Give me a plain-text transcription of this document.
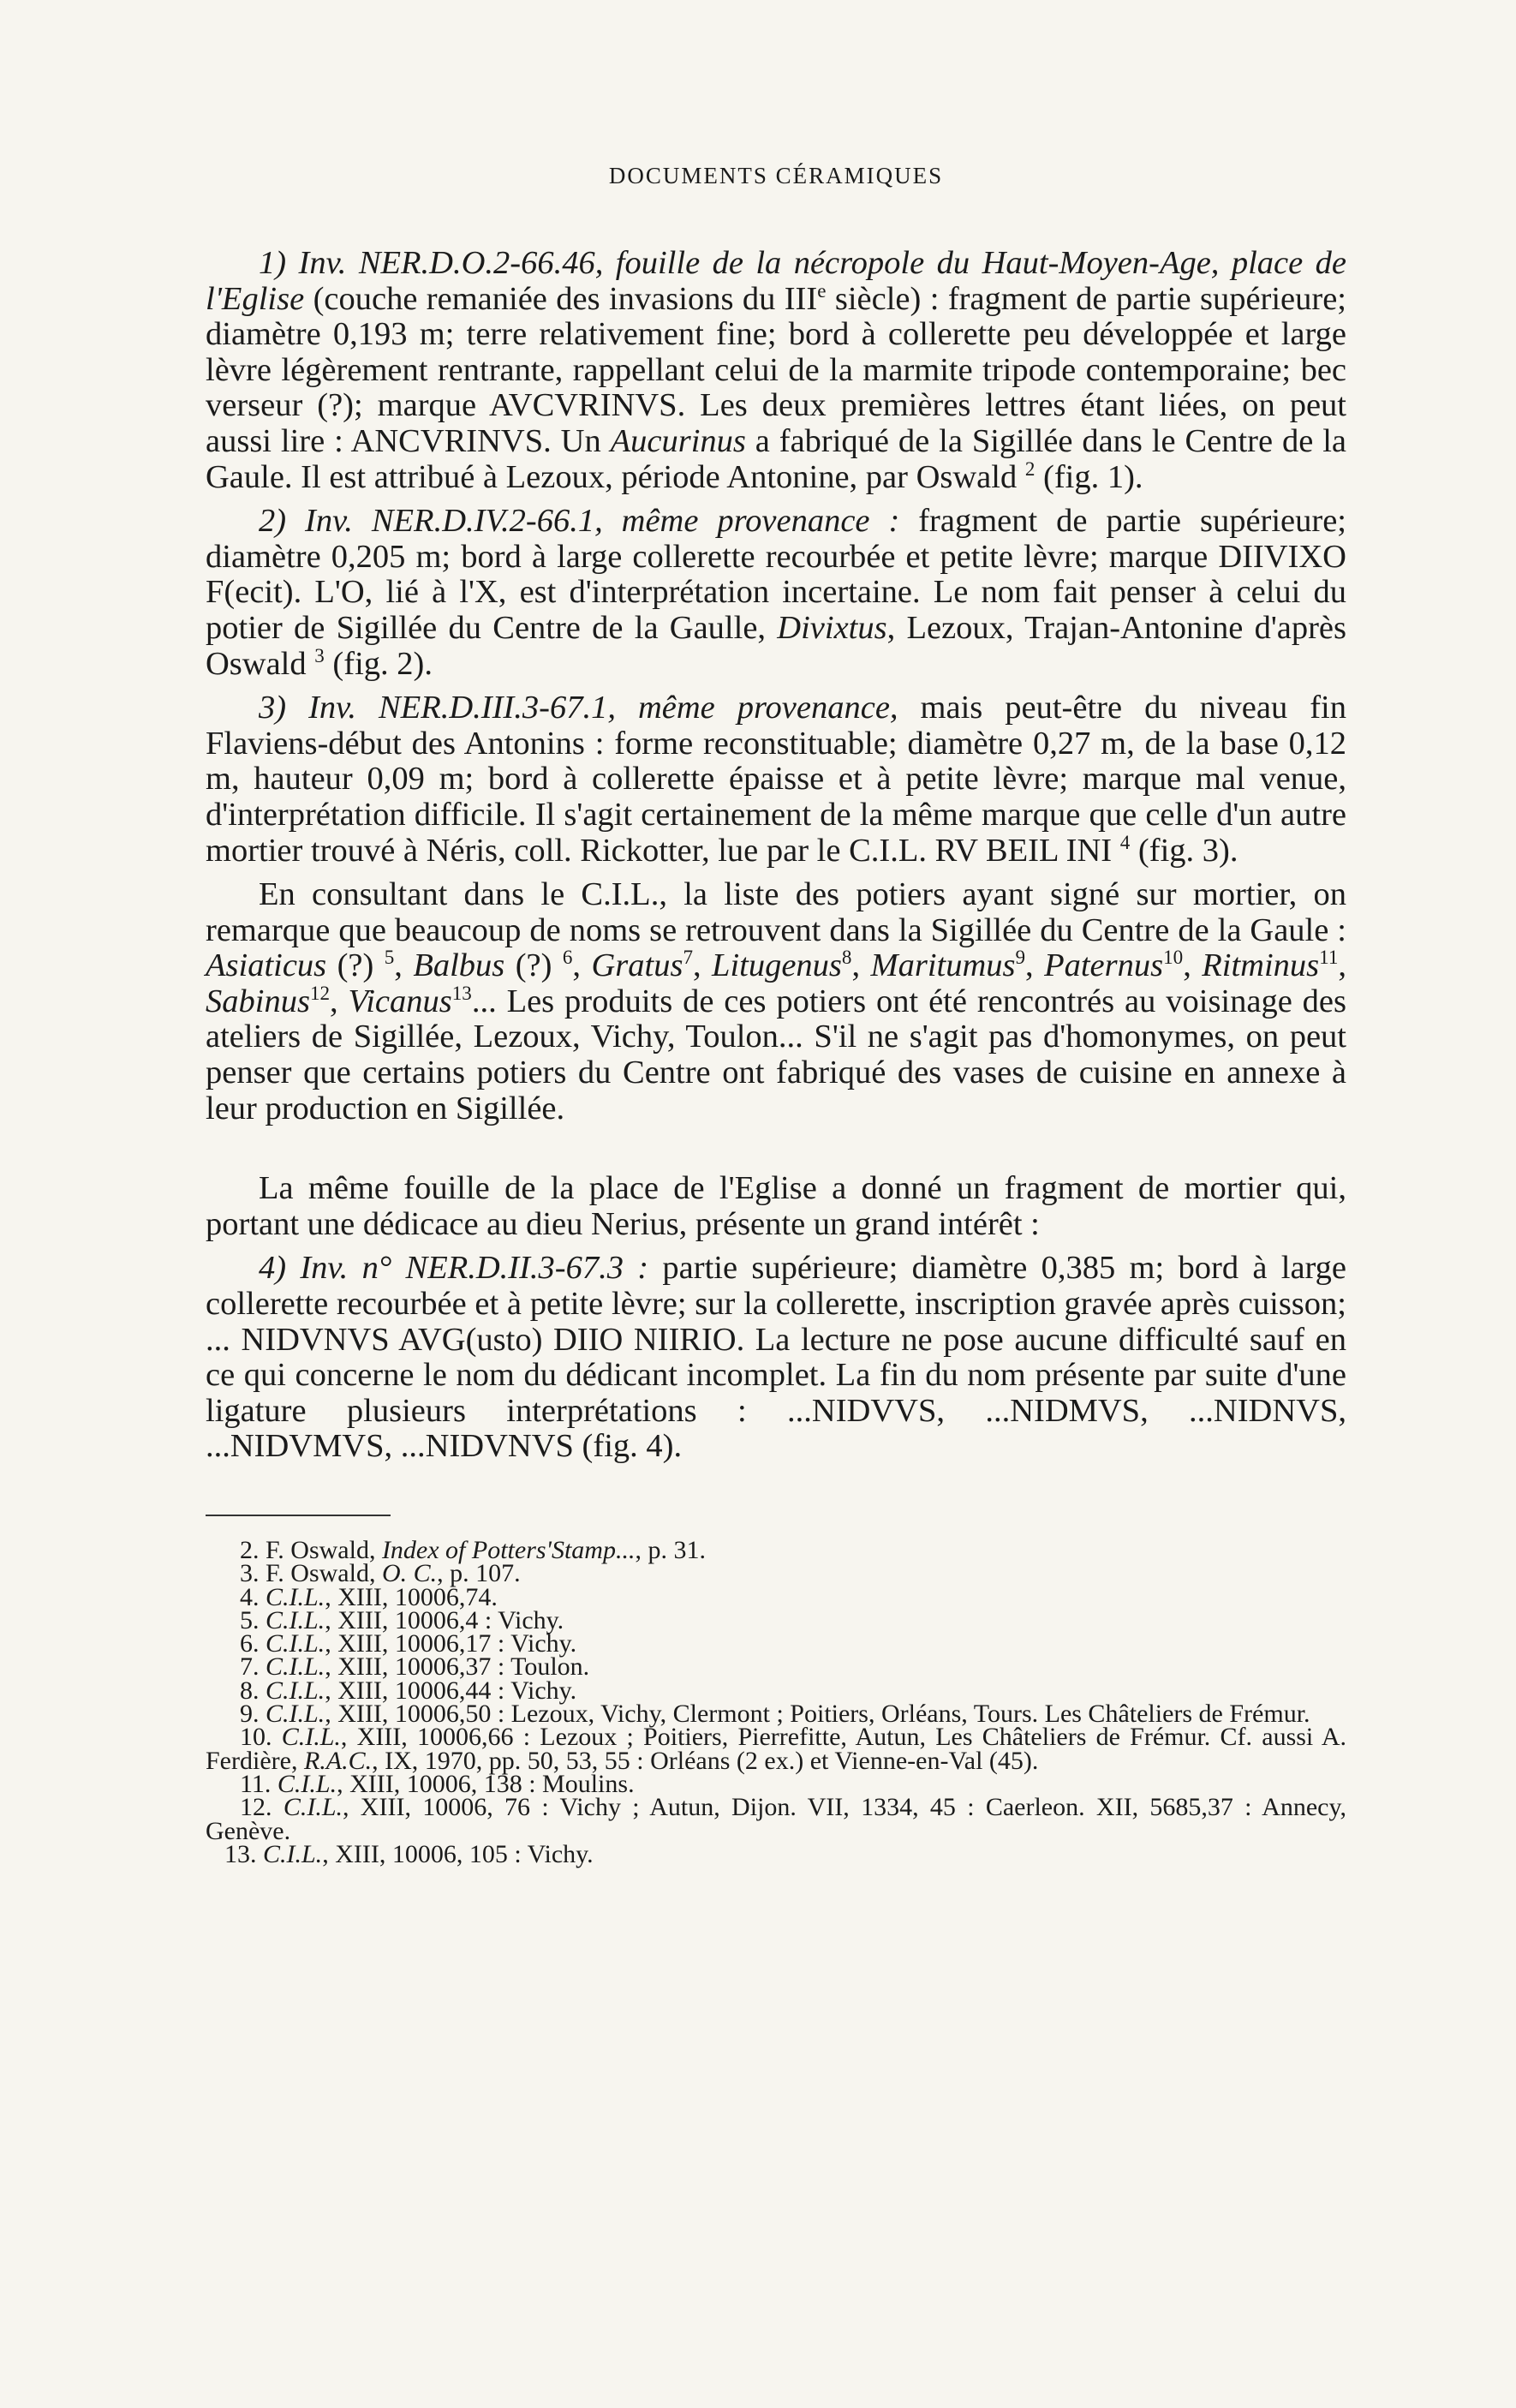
DOCUMENTS CÉRAMIQUES

1) Inv. NER.D.O.2-66.46, fouille de la nécropole du Haut-Moyen-Age, place de l'Eglise (couche remaniée des invasions du IIIe siècle) : fragment de partie supérieure; diamètre 0,193 m; terre relativement fine; bord à collerette peu développée et large lèvre légèrement rentrante, rappellant celui de la marmite tripode contemporaine; bec verseur (?); marque AVCVRINVS. Les deux premières lettres étant liées, on peut aussi lire : ANCVRINVS. Un Aucurinus a fabriqué de la Sigillée dans le Centre de la Gaule. Il est attribué à Lezoux, période Antonine, par Oswald $^2$ (fig. 1).

2) Inv. NER.D.IV.2-66.1, même provenance : fragment de partie supérieure; diamètre 0,205 m; bord à large collerette recourbée et petite lèvre; marque DIIVIXO F(ecit). L'O, lié à l'X, est d'interprétation incertaine. Le nom fait penser à celui du potier de Sigillée du Centre de la Gaulle, Divixtus, Lezoux, Trajan-Antonine d'après Oswald $^3$ (fig. 2).

3) Inv. NER.D.III.3-67.1, même provenance, mais peut-être du niveau fin Flaviens-début des Antonins : forme reconstituable; diamètre 0,27 m, de la base 0,12 m, hauteur 0,09 m; bord à collerette épaisse et à petite lèvre; marque mal venue, d'interprétation difficile. Il s'agit certainement de la même marque que celle d'un autre mortier trouvé à Néris, coll. Rickotter, lue par le C.I.L. RV BEIL INI $^4$ (fig. 3).

En consultant dans le C.I.L., la liste des potiers ayant signé sur mortier, on remarque que beaucoup de noms se retrouvent dans la Sigillée du Centre de la Gaule : Asiaticus (?) $^5$, Balbus (?) $^6$, Gratus$^7$, Litugenus$^8$, Maritumus$^9$, Paternus$^{10}$, Ritminus$^{11}$, Sabinus$^{12}$, Vicanus$^{13}$... Les produits de ces potiers ont été rencontrés au voisinage des ateliers de Sigillée, Lezoux, Vichy, Toulon... S'il ne s'agit pas d'homonymes, on peut penser que certains potiers du Centre ont fabriqué des vases de cuisine en annexe à leur production en Sigillée.

La même fouille de la place de l'Eglise a donné un fragment de mortier qui, portant une dédicace au dieu Nerius, présente un grand intérêt :

4) Inv. n° NER.D.II.3-67.3 : partie supérieure; diamètre 0,385 m; bord à large collerette recourbée et à petite lèvre; sur la collerette, inscription gravée après cuisson; ... NIDVNVS AVG(usto) DIIO NIIRIO. La lecture ne pose aucune difficulté sauf en ce qui concerne le nom du dédicant incomplet. La fin du nom présente par suite d'une ligature plusieurs interprétations : ...NIDVVS, ...NIDMVS, ...NIDNVS, ...NIDVMVS, ...NIDVNVS (fig. 4).

2. F. Oswald, Index of Potters'Stamp..., p. 31.

3. F. Oswald, O. C., p. 107.

4. C.I.L., XIII, 10006,74.

5. C.I.L., XIII, 10006,4 : Vichy.

6. C.I.L., XIII, 10006,17 : Vichy.

7. C.I.L., XIII, 10006,37 : Toulon.

8. C.I.L., XIII, 10006,44 : Vichy.

9. C.I.L., XIII, 10006,50 : Lezoux, Vichy, Clermont ; Poitiers, Orléans, Tours. Les Châteliers de Frémur.

10. C.I.L., XIII, 10006,66 : Lezoux ; Poitiers, Pierrefitte, Autun, Les Châteliers de Frémur. Cf. aussi A. Ferdière, R.A.C., IX, 1970, pp. 50, 53, 55 : Orléans (2 ex.) et Vienne-en-Val (45).

11. C.I.L., XIII, 10006, 138 : Moulins.

12. C.I.L., XIII, 10006, 76 : Vichy ; Autun, Dijon. VII, 1334, 45 : Caerleon. XII, 5685,37 : Annecy, Genève.

13. C.I.L., XIII, 10006, 105 : Vichy.
